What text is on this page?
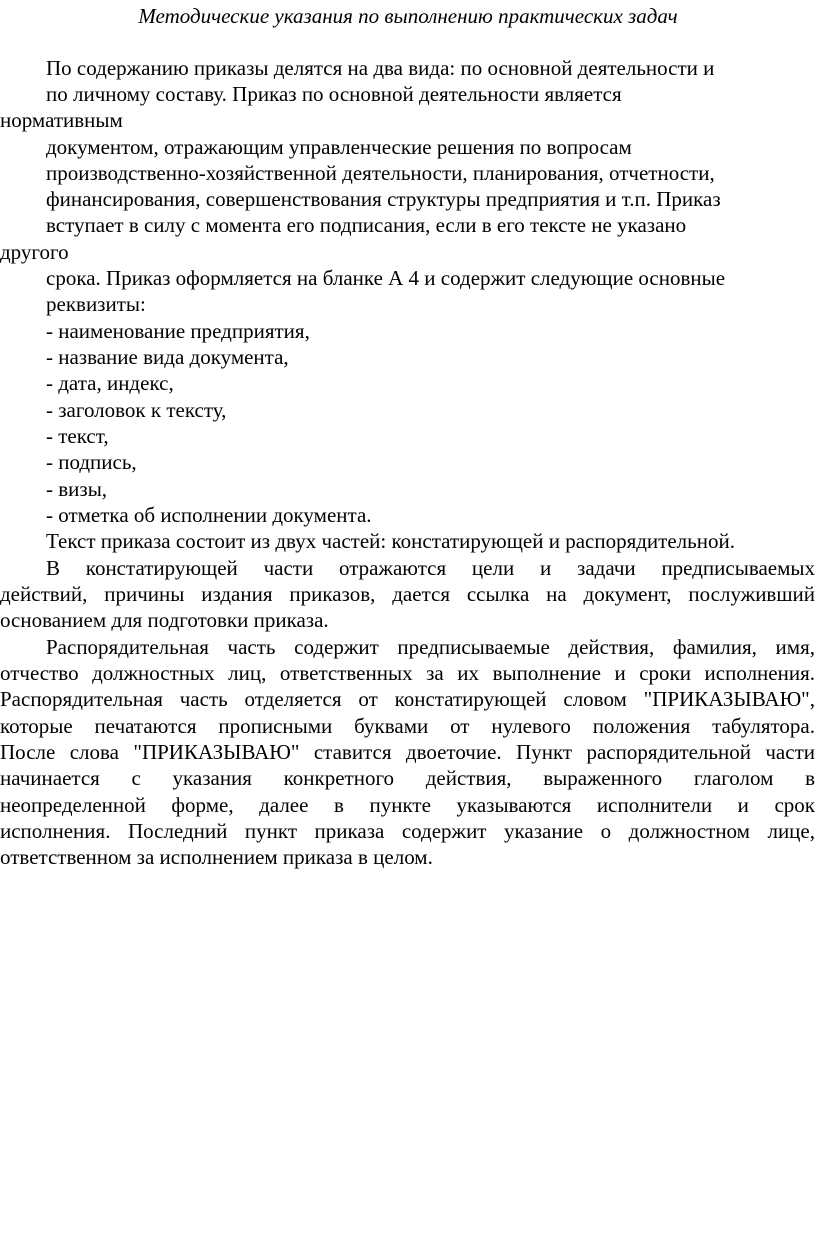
Методические указания по выполнению практических задач
По содержанию приказы делятся на два вида: по основной деятельности и
по личному составу. Приказ по основной деятельности является
нормативным
документом, отражающим управленческие решения по вопросам
производственно-хозяйственной деятельности, планирования, отчетности,
финансирования, совершенствования структуры предприятия и т.п. Приказ
вступает в силу с момента его подписания, если в его тексте не указано
другого
срока. Приказ оформляется на бланке А 4 и содержит следующие основные
реквизиты:
- наименование предприятия,
- название вида документа,
- дата, индекс,
- заголовок к тексту,
- текст,
- подпись,
- визы,
- отметка об исполнении документа.
Текст приказа состоит из двух частей: констатирующей и распорядительной.
В констатирующей части отражаются цели и задачи предписываемых
действий, причины издания приказов, дается ссылка на документ, послуживший
основанием для подготовки приказа.
Распорядительная часть содержит предписываемые действия, фамилия, имя,
отчество должностных лиц, ответственных за их выполнение и сроки исполнения.
Распорядительная часть отделяется от констатирующей словом "ПРИКАЗЫВАЮ",
которые печатаются прописными буквами от нулевого положения табулятора.
После слова "ПРИКАЗЫВАЮ" ставится двоеточие. Пункт распорядительной части
начинается с указания конкретного действия, выраженного глаголом в
неопределенной форме, далее в пункте указываются исполнители и срок
исполнения. Последний пункт приказа содержит указание о должностном лице,
ответственном за исполнением приказа в целом.
